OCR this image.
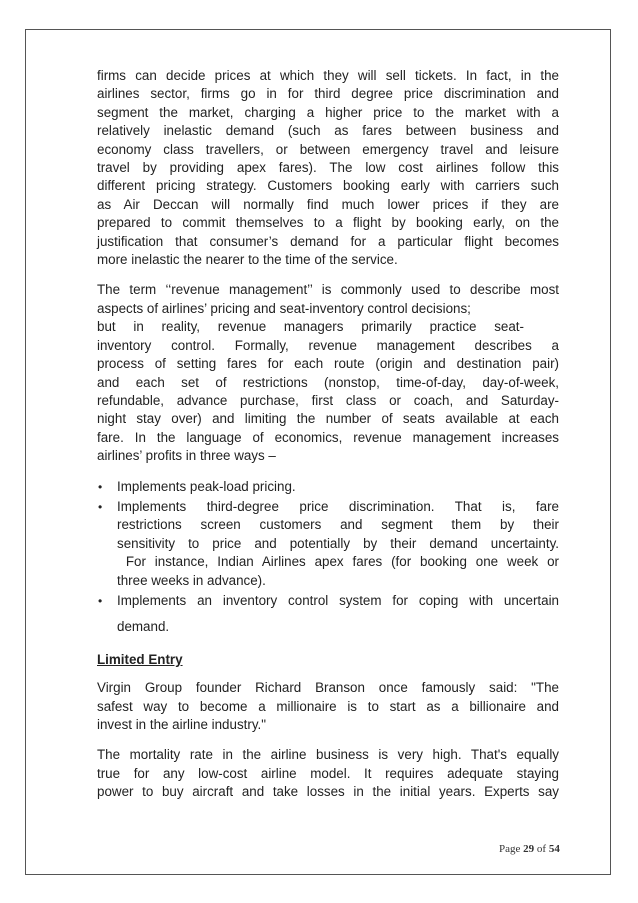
firms can decide prices at which they will sell tickets. In fact, in the
airlines sector, firms go in for third degree price discrimination and
segment the market, charging a higher price to the market with a
relatively inelastic demand (such as fares between business and
economy class travellers, or between emergency travel and leisure
travel by providing apex fares). The low cost airlines follow this
different pricing strategy. Customers booking early with carriers such
as Air Deccan will normally find much lower prices if they are
prepared to commit themselves to a flight by booking early, on the
justification that consumer’s demand for a particular flight becomes
more inelastic the nearer to the time of the service.

The term ‘‘revenue management’’ is commonly used to describe most
aspects of airlines’ pricing and seat-inventory control decisions;
but in reality, revenue managers primarily practice seat-
inventory control. Formally, revenue management describes a
process of setting fares for each route (origin and destination pair)
and each set of restrictions (nonstop, time-of-day, day-of-week,
refundable, advance purchase, first class or coach, and Saturday-
night stay over) and limiting the number of seats available at each
fare. In the language of economics, revenue management increases
airlines’ profits in three ways –

• Implements peak-load pricing.
• Implements third-degree price discrimination. That is, fare
restrictions screen customers and segment them by their
sensitivity to price and potentially by their demand uncertainty.
For instance, Indian Airlines apex fares (for booking one week or
three weeks in advance).
• Implements an inventory control system for coping with uncertain
demand.
Limited Entry

Virgin Group founder Richard Branson once famously said: "The
safest way to become a millionaire is to start as a billionaire and
invest in the airline industry."

The mortality rate in the airline business is very high. That's equally
true for any low-cost airline model. It requires adequate staying
power to buy aircraft and take losses in the initial years. Experts say

Page 29 of 54
